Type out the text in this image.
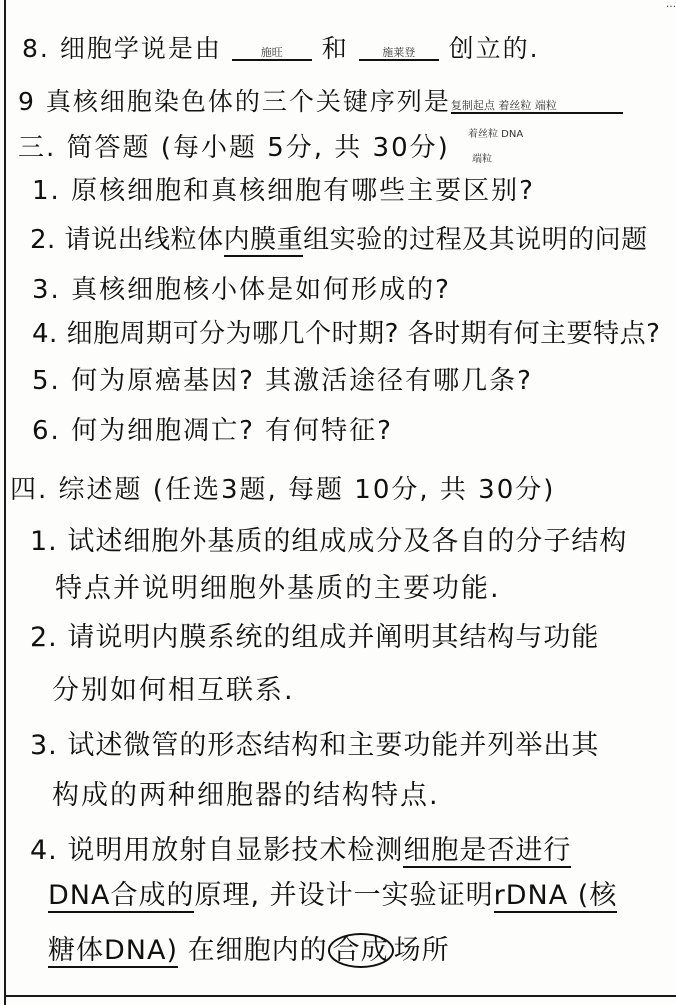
…
8. 细胞学说是由	施旺 和	施莱登 创立的.
9 真核细胞染色体的三个关键序列是复制起点 着丝粒 端粒
三. 简答题 (每小题 5分, 共 30分) 着丝粒 DNA
端粒
1. 原核细胞和真核细胞有哪些主要区别?
2. 请说出线粒体内膜重组实验的过程及其说明的问题
3. 真核细胞核小体是如何形成的?
4. 细胞周期可分为哪几个时期? 各时期有何主要特点?
5. 何为原癌基因? 其激活途径有哪几条?
6. 何为细胞凋亡? 有何特征?
四. 综述题 (任选3题, 每题 10分, 共 30分)
1. 试述细胞外基质的组成成分及各自的分子结构
特点并说明细胞外基质的主要功能.
2. 请说明内膜系统的组成并阐明其结构与功能
分别如何相互联系.
3. 试述微管的形态结构和主要功能并列举出其
构成的两种细胞器的结构特点.
4. 说明用放射自显影技术检测细胞是否进行
DNA合成的原理, 并设计一实验证明rDNA (核
糖体DNA) 在细胞内的 合成 场所
